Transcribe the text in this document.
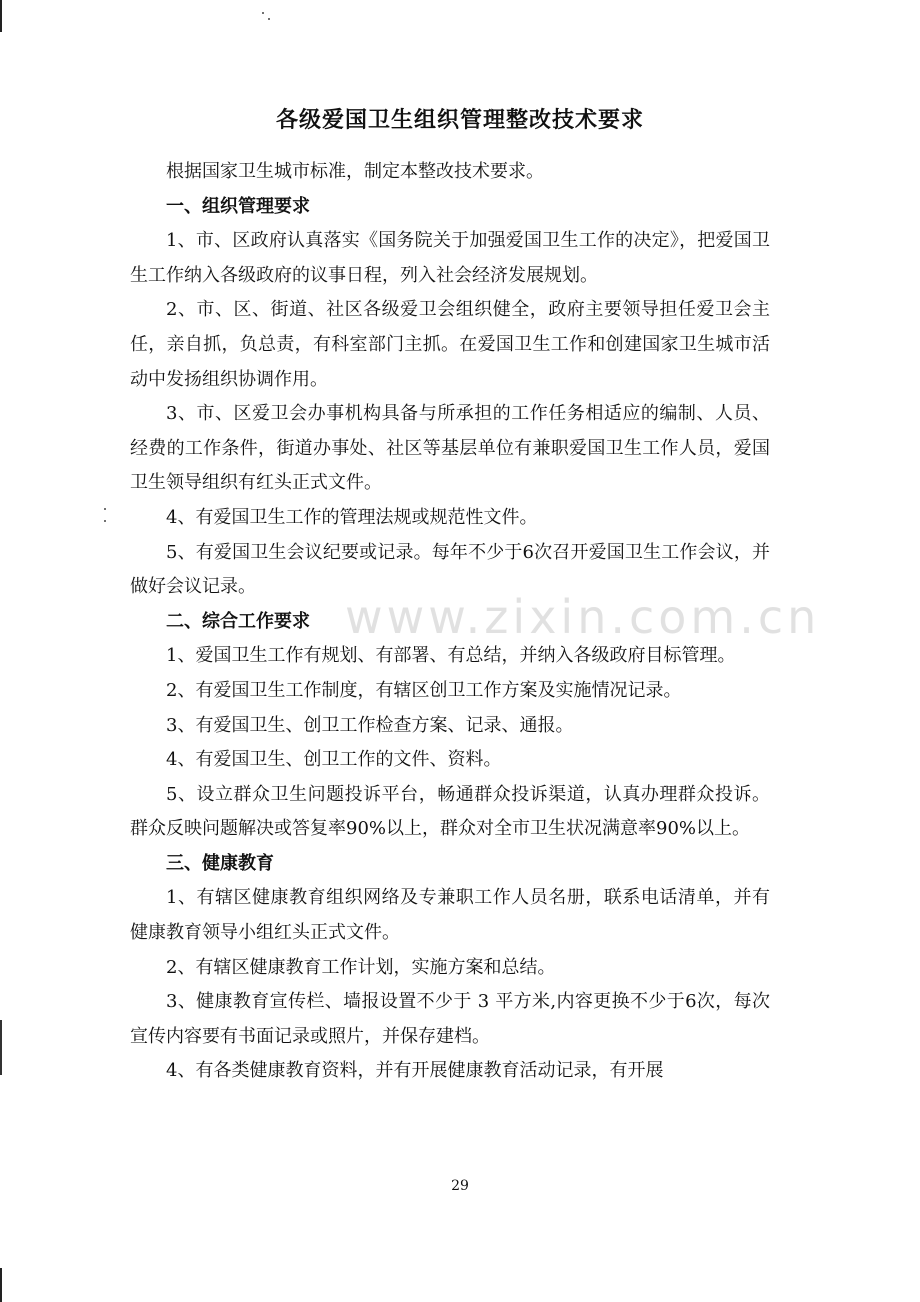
www.zixin.com.cn
各级爱国卫生组织管理整改技术要求

根据国家卫生城市标准，制定本整改技术要求。

一、组织管理要求

1、市、区政府认真落实《国务院关于加强爱国卫生工作的决定》，把爱国卫生工作纳入各级政府的议事日程，列入社会经济发展规划。

2、市、区、街道、社区各级爱卫会组织健全，政府主要领导担任爱卫会主任，亲自抓，负总责，有科室部门主抓。在爱国卫生工作和创建国家卫生城市活动中发扬组织协调作用。

3、市、区爱卫会办事机构具备与所承担的工作任务相适应的编制、人员、经费的工作条件，街道办事处、社区等基层单位有兼职爱国卫生工作人员，爱国卫生领导组织有红头正式文件。

4、有爱国卫生工作的管理法规或规范性文件。

5、有爱国卫生会议纪要或记录。每年不少于6次召开爱国卫生工作会议，并做好会议记录。

二、综合工作要求

1、爱国卫生工作有规划、有部署、有总结，并纳入各级政府目标管理。

2、有爱国卫生工作制度，有辖区创卫工作方案及实施情况记录。

3、有爱国卫生、创卫工作检查方案、记录、通报。

4、有爱国卫生、创卫工作的文件、资料。

5、设立群众卫生问题投诉平台，畅通群众投诉渠道，认真办理群众投诉。群众反映问题解决或答复率90%以上，群众对全市卫生状况满意率90%以上。

三、健康教育

1、有辖区健康教育组织网络及专兼职工作人员名册，联系电话清单，并有健康教育领导小组红头正式文件。

2、有辖区健康教育工作计划，实施方案和总结。

3、健康教育宣传栏、墙报设置不少于 3 平方米,内容更换不少于6次，每次宣传内容要有书面记录或照片，并保存建档。

4、有各类健康教育资料，并有开展健康教育活动记录，有开展

29
